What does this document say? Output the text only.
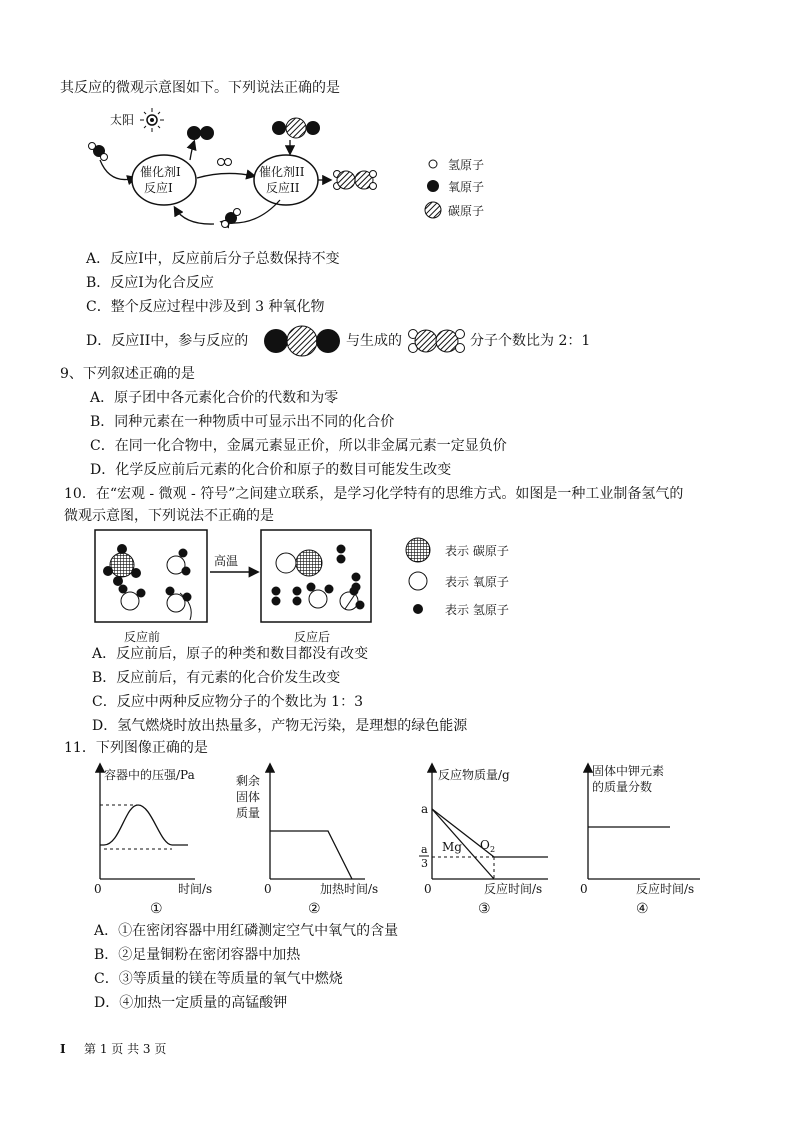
其反应的微观示意图如下。下列说法正确的是
太阳
催化剂I
反应I
催化剂II
反应II
氢原子
氧原子
碳原子
A．反应I中，反应前后分子总数保持不变
B．反应I为化合反应
C．整个反应过程中涉及到 3 种氧化物
D．反应II中，参与反应的	与生成的	分子个数比为 2：1
9、下列叙述正确的是
A．原子团中各元素化合价的代数和为零
B．同种元素在一种物质中可显示出不同的化合价
C．在同一化合物中，金属元素显正价，所以非金属元素一定显负价
D．化学反应前后元素的化合价和原子的数目可能发生改变
10．在“宏观 - 微观 - 符号”之间建立联系，是学习化学特有的思维方式。如图是一种工业制备氢气的
微观示意图，下列说法不正确的是
反应前
高温
反应后
表示 碳原子
表示 氧原子
表示 氢原子
A．反应前后，原子的种类和数目都没有改变
B．反应前后，有元素的化合价发生改变
C．反应中两种反应物分子的个数比为 1：3
D．氢气燃烧时放出热量多，产物无污染，是理想的绿色能源
11．下列图像正确的是
容器中的压强/Pa
0	时间/s
①
剩余
固体
质量
0	加热时间/s
②
反应物质量/g
0	反应时间/s
a
a
3
Mg O 2
③
固体中钾元素
的质量分数
0	反应时间/s
④
A．①在密闭容器中用红磷测定空气中氧气的含量
B．②足量铜粉在密闭容器中加热
C．③等质量的镁在等质量的氧气中燃烧
D．④加热一定质量的高锰酸钾
I 第 1 页 共 3 页
